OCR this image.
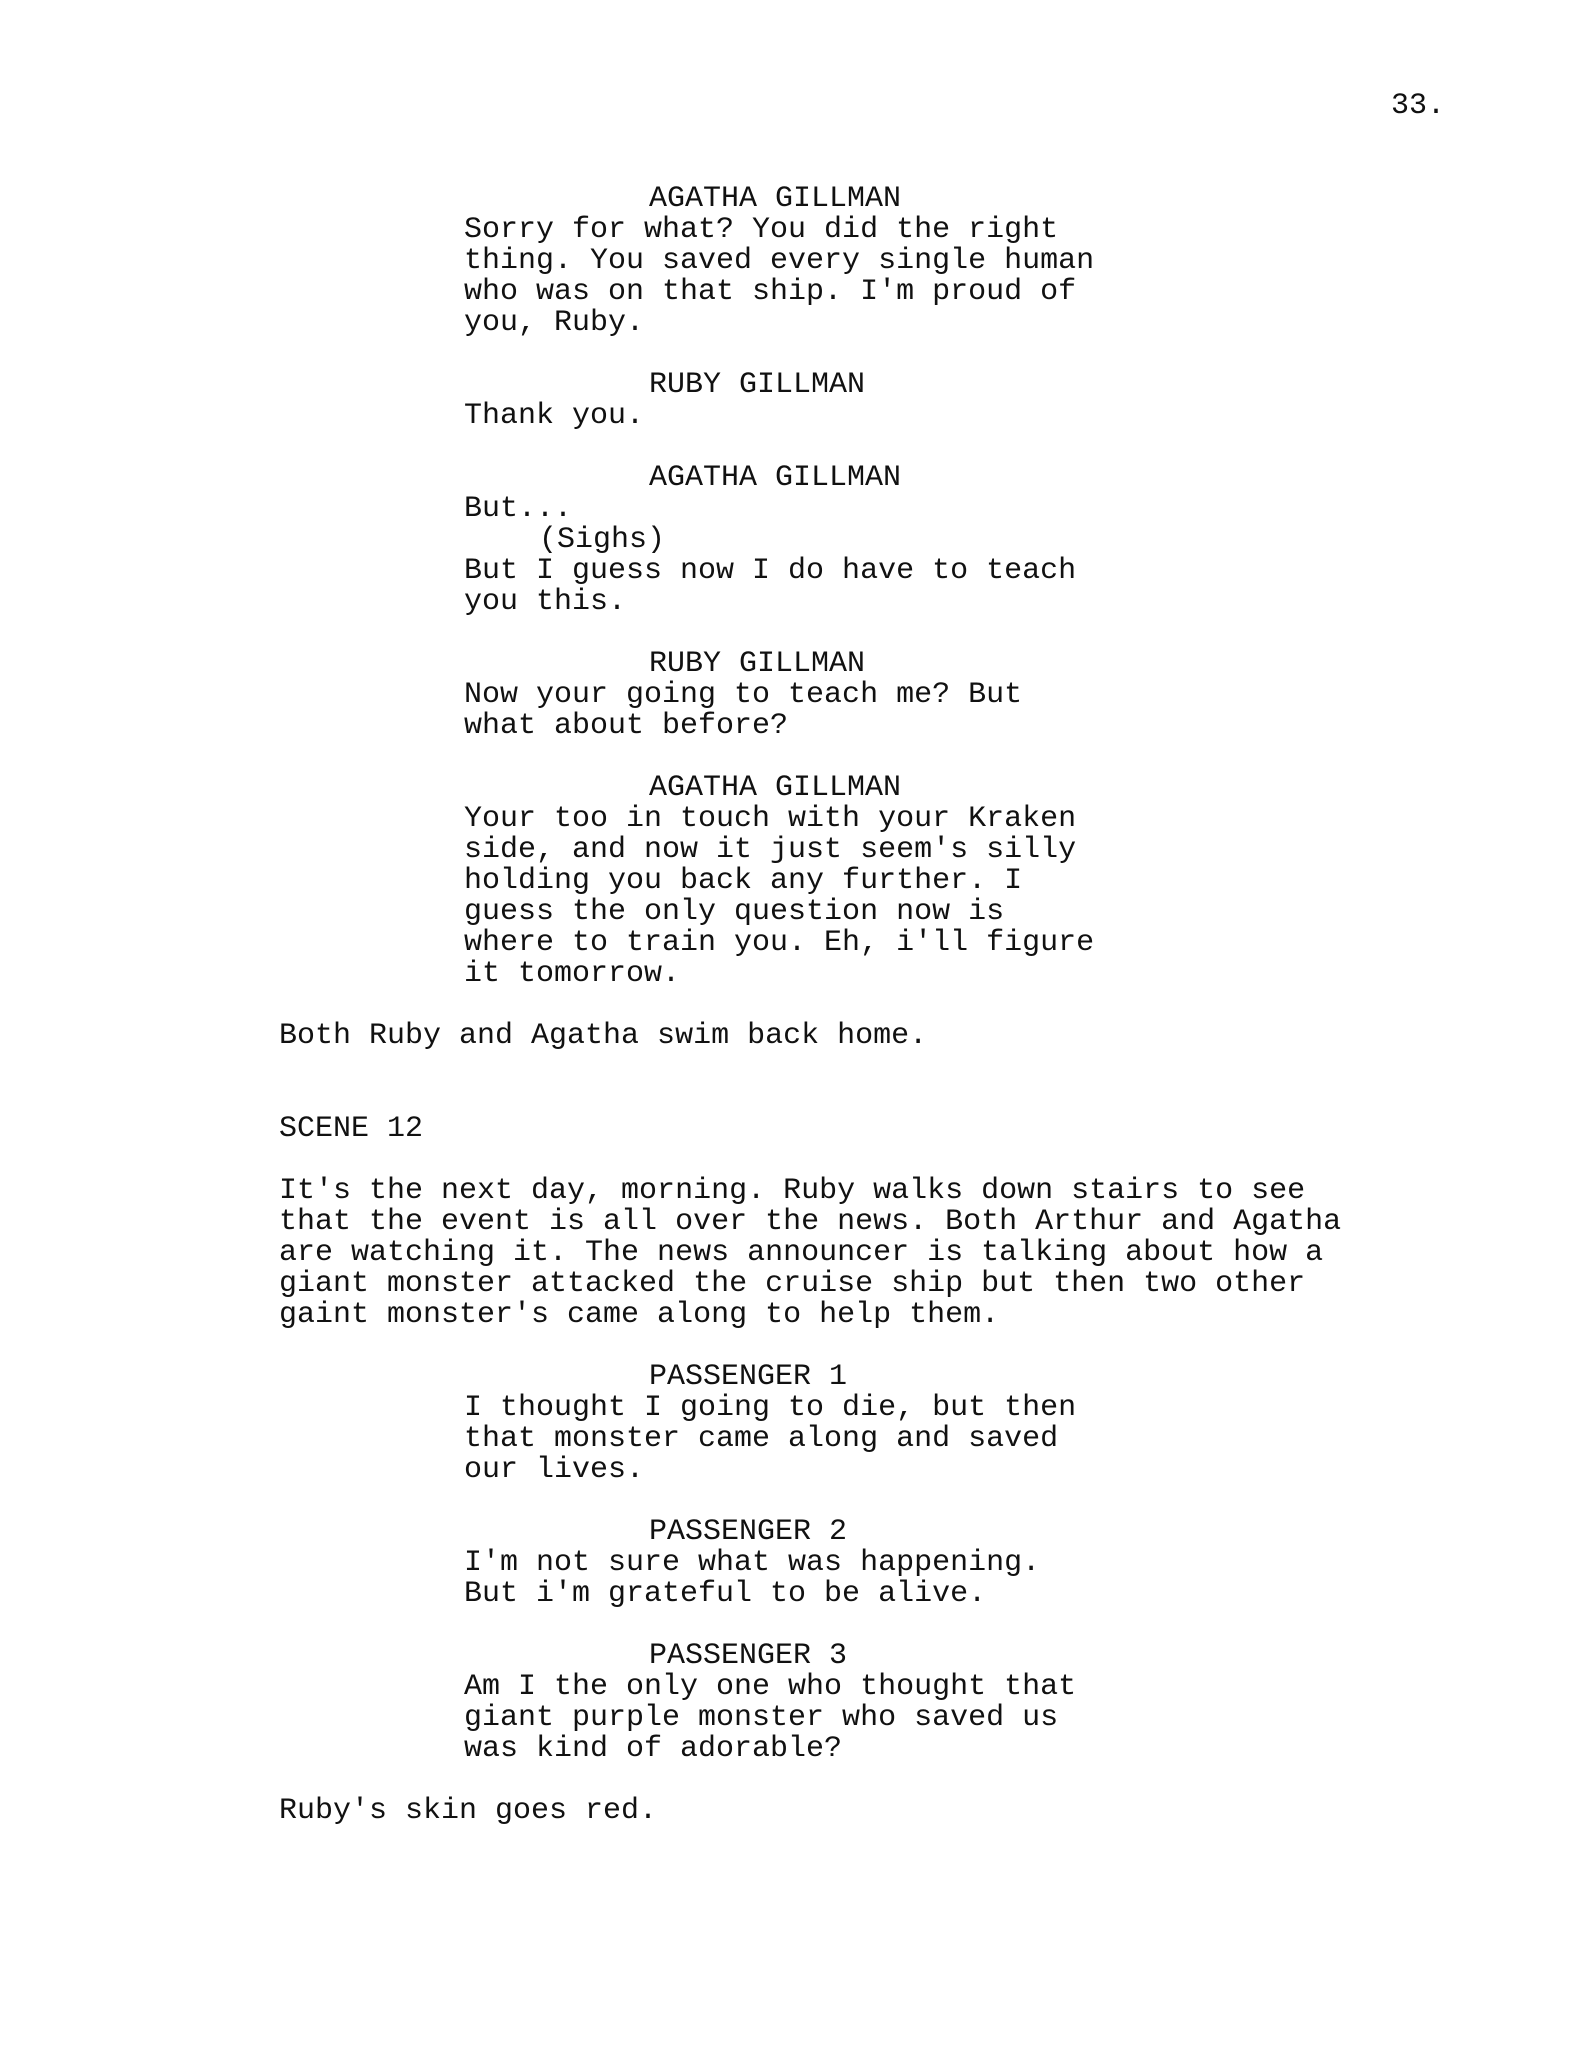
33.
AGATHA GILLMAN
Sorry for what? You did the right
thing. You saved every single human
who was on that ship. I'm proud of
you, Ruby.
RUBY GILLMAN
Thank you.
AGATHA GILLMAN
But...
(Sighs)
But I guess now I do have to teach
you this.
RUBY GILLMAN
Now your going to teach me? But
what about before?
AGATHA GILLMAN
Your too in touch with your Kraken
side, and now it just seem's silly
holding you back any further. I
guess the only question now is
where to train you. Eh, i'll figure
it tomorrow.
Both Ruby and Agatha swim back home.
SCENE 12
It's the next day, morning. Ruby walks down stairs to see
that the event is all over the news. Both Arthur and Agatha
are watching it. The news announcer is talking about how a
giant monster attacked the cruise ship but then two other
gaint monster's came along to help them.
PASSENGER 1
I thought I going to die, but then
that monster came along and saved
our lives.
PASSENGER 2
I'm not sure what was happening.
But i'm grateful to be alive.
PASSENGER 3
Am I the only one who thought that
giant purple monster who saved us
was kind of adorable?
Ruby's skin goes red.
